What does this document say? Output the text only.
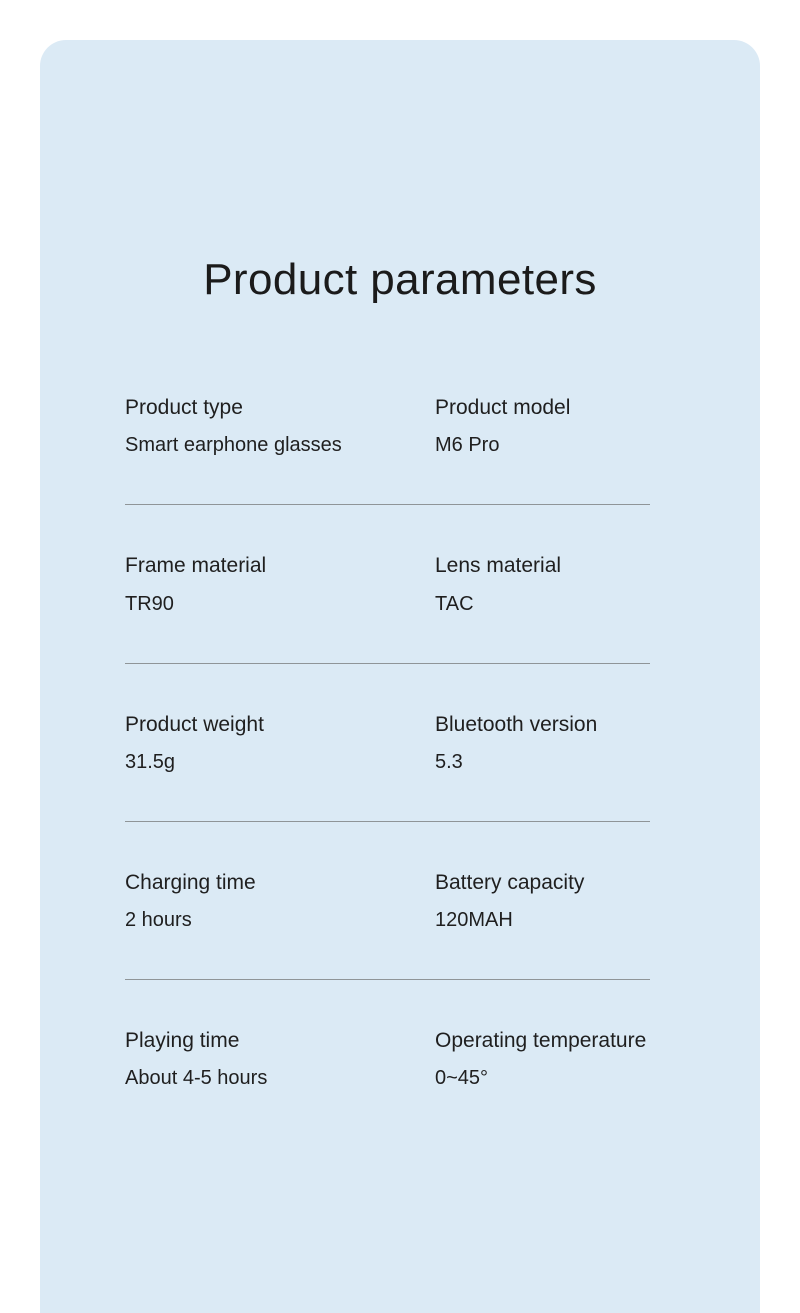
Product parameters
Product type
Smart earphone glasses
Product model
M6 Pro
Frame material
TR90
Lens material
TAC
Product weight
31.5g
Bluetooth version
5.3
Charging time
2 hours
Battery capacity
120MAH
Playing time
About 4-5 hours
Operating temperature
0~45°
